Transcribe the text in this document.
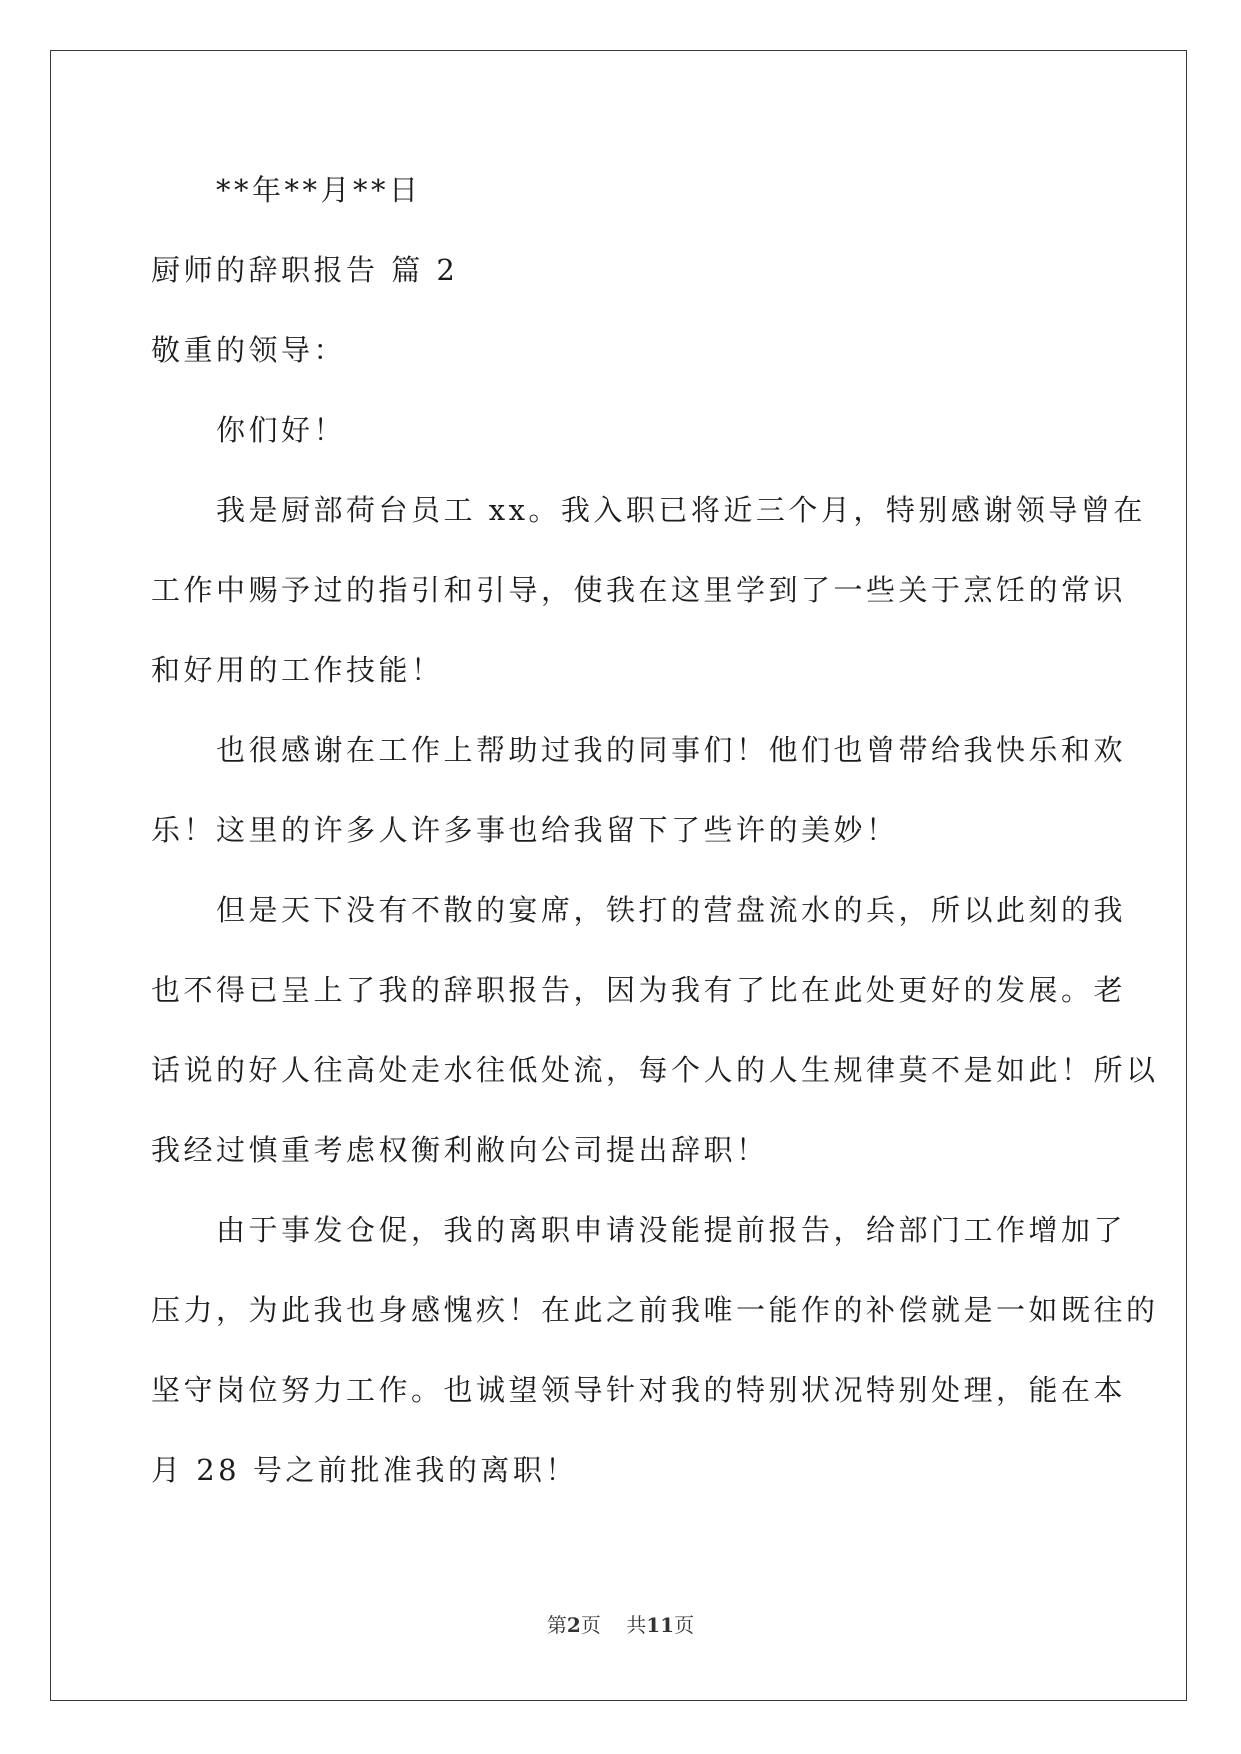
**年**月**日
厨师的辞职报告 篇 2
敬重的领导：
你们好！
我是厨部荷台员工 xx。我入职已将近三个月，特别感谢领导曾在
工作中赐予过的指引和引导，使我在这里学到了一些关于烹饪的常识
和好用的工作技能！
也很感谢在工作上帮助过我的同事们！他们也曾带给我快乐和欢
乐！这里的许多人许多事也给我留下了些许的美妙！
但是天下没有不散的宴席，铁打的营盘流水的兵，所以此刻的我
也不得已呈上了我的辞职报告，因为我有了比在此处更好的发展。老
话说的好人往高处走水往低处流，每个人的人生规律莫不是如此！所以
我经过慎重考虑权衡利敝向公司提出辞职！
由于事发仓促，我的离职申请没能提前报告，给部门工作增加了
压力，为此我也身感愧疚！在此之前我唯一能作的补偿就是一如既往的
坚守岗位努力工作。也诚望领导针对我的特别状况特别处理，能在本
月 28 号之前批准我的离职！
第2页 共11页
